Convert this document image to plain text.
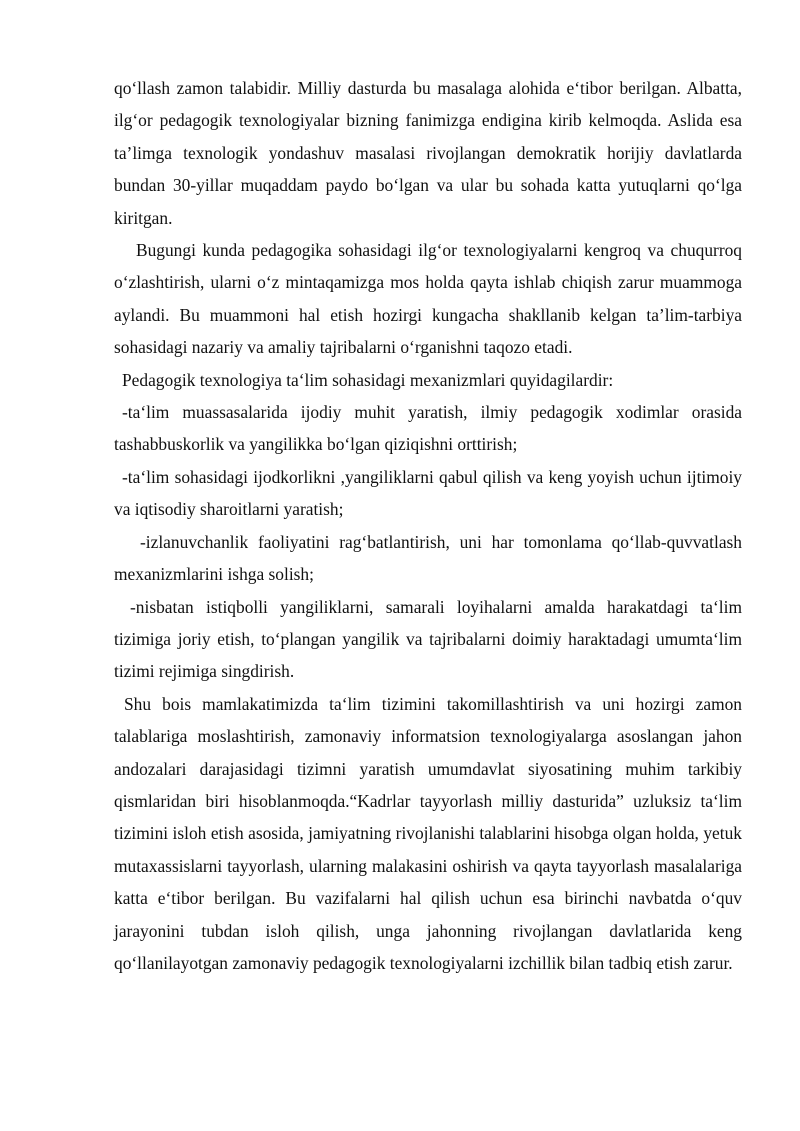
qo‘llash zamon talabidir. Milliy dasturda bu masalaga alohida e‘tibor berilgan. Albatta, ilg‘or pedagogik texnologiyalar bizning fanimizga endigina kirib kelmoqda. Aslida esa ta’limga texnologik yondashuv masalasi rivojlangan demokratik horijiy davlatlarda bundan 30-yillar muqaddam paydo bo‘lgan va ular bu sohada katta yutuqlarni qo‘lga kiritgan.

Bugungi kunda pedagogika sohasidagi ilg‘or texnologiyalarni kengroq va chuqurroq o‘zlashtirish, ularni o‘z mintaqamizga mos holda qayta ishlab chiqish zarur muammoga aylandi. Bu muammoni hal etish hozirgi kungacha shakllanib kelgan ta’lim-tarbiya sohasidagi nazariy va amaliy tajribalarni o‘rganishni taqozo etadi.

Pedagogik texnologiya ta‘lim sohasidagi mexanizmlari quyidagilardir:

-ta‘lim muassasalarida ijodiy muhit yaratish, ilmiy pedagogik xodimlar orasida tashabbuskorlik va yangilikka bo‘lgan qiziqishni orttirish;

-ta‘lim sohasidagi ijodkorlikni ,yangiliklarni qabul qilish va keng yoyish uchun ijtimoiy va iqtisodiy sharoitlarni yaratish;

-izlanuvchanlik faoliyatini rag‘batlantirish, uni har tomonlama qo‘llab-quvvatlash mexanizmlarini ishga solish;

-nisbatan istiqbolli yangiliklarni, samarali loyihalarni amalda harakatdagi ta‘lim tizimiga joriy etish, to‘plangan yangilik va tajribalarni doimiy haraktadagi umumta‘lim tizimi rejimiga singdirish.

Shu bois mamlakatimizda ta‘lim tizimini takomillashtirish va uni hozirgi zamon talablariga moslashtirish, zamonaviy informatsion texnologiyalarga asoslangan jahon andozalari darajasidagi tizimni yaratish umumdavlat siyosatining muhim tarkibiy qismlaridan biri hisoblanmoqda.“Kadrlar tayyorlash milliy dasturida” uzluksiz ta‘lim tizimini isloh etish asosida, jamiyatning rivojlanishi talablarini hisobga olgan holda, yetuk mutaxassislarni tayyorlash, ularning malakasini oshirish va qayta tayyorlash masalalariga katta e‘tibor berilgan. Bu vazifalarni hal qilish uchun esa birinchi navbatda o‘quv jarayonini tubdan isloh qilish, unga jahonning rivojlangan davlatlarida keng qo‘llanilayotgan zamonaviy pedagogik texnologiyalarni izchillik bilan tadbiq etish zarur.
